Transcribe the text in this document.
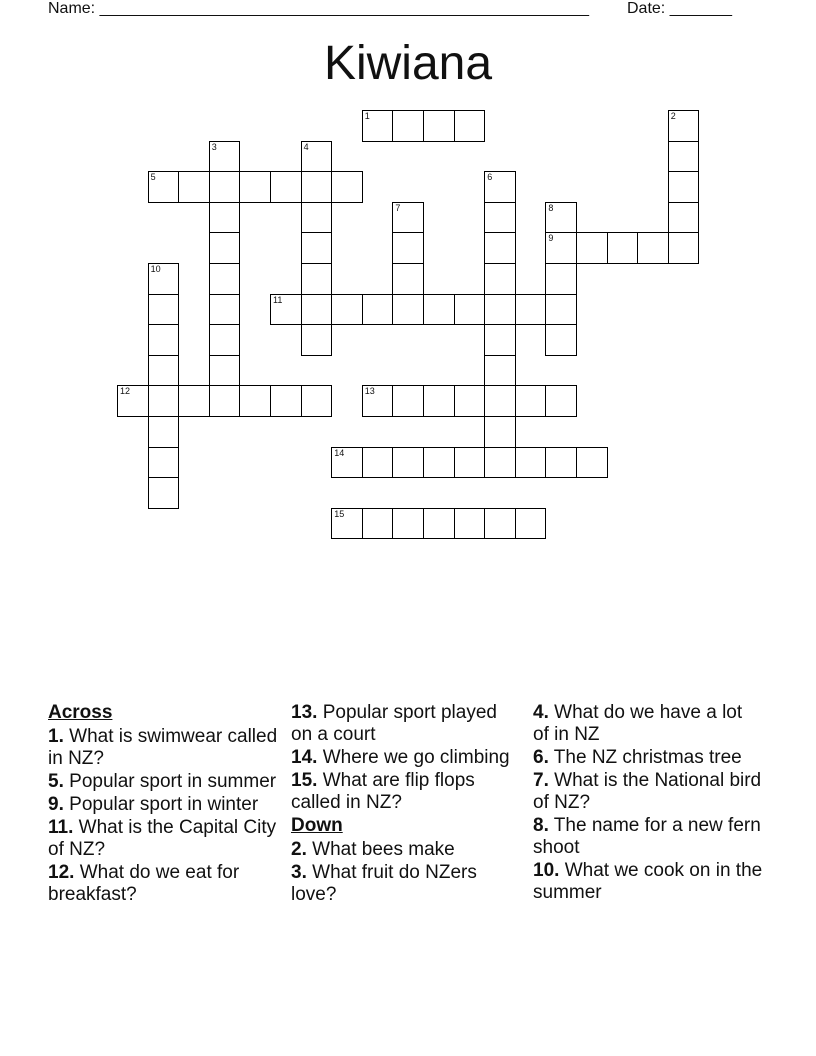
Name: _______________________________________________________ Date: _______
Kiwiana
1	2
3	4
5	6
7	8
9
10
11
12	13
14
15
Across
1. What is swimwear called in NZ?
5. Popular sport in summer
9. Popular sport in winter
11. What is the Capital City of NZ?
12. What do we eat for breakfast?
13. Popular sport played on a court
14. Where we go climbing
15. What are flip flops called in NZ?
Down
2. What bees make
3. What fruit do NZers love?
4. What do we have a lot of in NZ
6. The NZ christmas tree
7. What is the National bird of NZ?
8. The name for a new fern shoot
10. What we cook on in the summer
